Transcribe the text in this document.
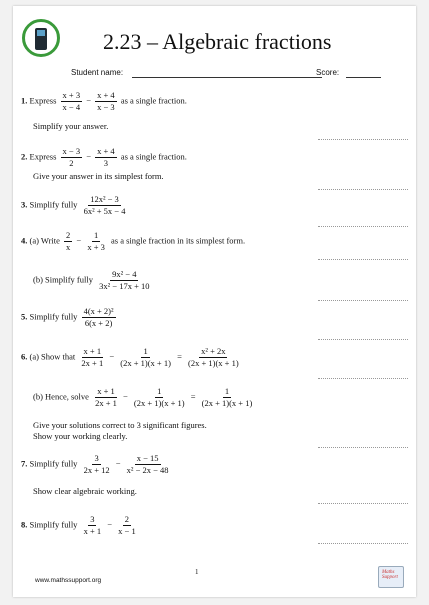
2.23 – Algebraic fractions
Student name:	Score:
1. Express $\frac{x + 3}{x - 4} - \frac{x + 4}{x - 3}$ as a single fraction.
Simplify your answer.
2. Express $\frac{x - 3}{2} - \frac{x + 4}{3}$ as a single fraction.
Give your answer in its simplest form.
3. Simplify fully $\frac{\text{12x² − 3}}{\text{6x² + 5x − 4}}$
4. (a) Write $\frac{2}{x} - \frac{1}{x + 3}$ as a single fraction in its simplest form.
(b) Simplify fully $\frac{\text{9x² − 4}}{\text{3x² − 17x + 10}}$
5. Simplify fully $\frac{\text{4(x + 2)²}}{6(x + 2)}$
6. (a) Show that $\frac{x + 1}{2x + 1} - \frac{1}{(2x + 1)(x + 1)} = \frac{\text{x² + 2x}}{(2x + 1)(x + 1)}$
(b) Hence, solve $\frac{x + 1}{2x + 1} - \frac{1}{(2x + 1)(x + 1)} = \frac{1}{(2x + 1)(x + 1)}$
Give your solutions correct to 3 significant figures.
Show your working clearly.
7. Simplify fully $\frac{3}{2x + 12} - \frac{x - 15}{\text{x² − 2x − 48}}$
Show clear algebraic working.
8. Simplify fully $\frac{3}{x + 1} - \frac{2}{x - 1}$
www.mathssupport.org
1	Maths Support
